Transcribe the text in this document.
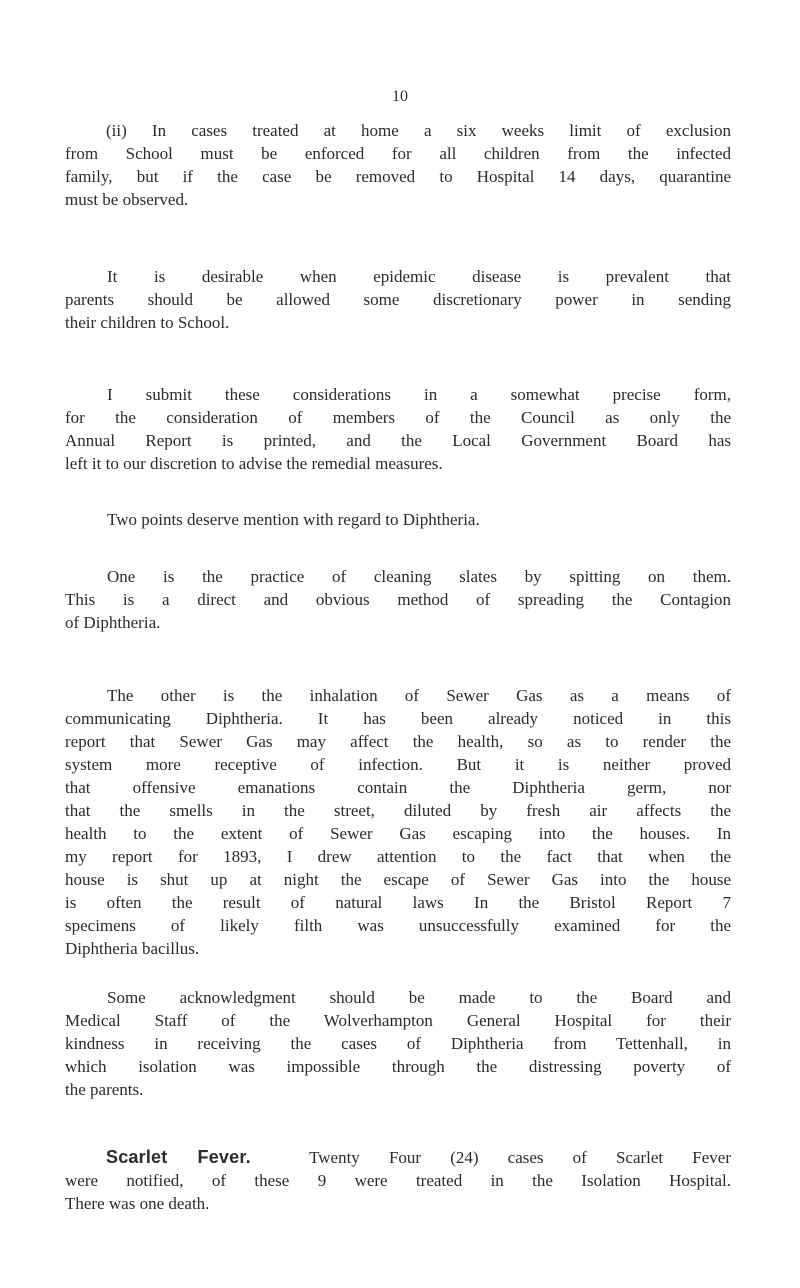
10
(ii) In cases treated at home a six weeks limit of exclusion
from School must be enforced for all children from the infected
family, but if the case be removed to Hospital 14 days, quarantine
must be observed.
It is desirable when epidemic disease is prevalent that
parents should be allowed some discretionary power in sending
their children to School.
I submit these considerations in a somewhat precise form,
for the consideration of members of the Council as only the
Annual Report is printed, and the Local Government Board has
left it to our discretion to advise the remedial measures.
Two points deserve mention with regard to Diphtheria.
One is the practice of cleaning slates by spitting on them.
This is a direct and obvious method of spreading the Contagion
of Diphtheria.
The other is the inhalation of Sewer Gas as a means of
communicating Diphtheria. It has been already noticed in this
report that Sewer Gas may affect the health, so as to render the
system more receptive of infection. But it is neither proved
that offensive emanations contain the Diphtheria germ, nor
that the smells in the street, diluted by fresh air affects the
health to the extent of Sewer Gas escaping into the houses. In
my report for 1893, I drew attention to the fact that when the
house is shut up at night the escape of Sewer Gas into the house
is often the result of natural laws In the Bristol Report 7
specimens of likely filth was unsuccessfully examined for the
Diphtheria bacillus.
Some acknowledgment should be made to the Board and
Medical Staff of the Wolverhampton General Hospital for their
kindness in receiving the cases of Diphtheria from Tettenhall, in
which isolation was impossible through the distressing poverty of
the parents.
Scarlet Fever.	Twenty Four (24) cases of Scarlet Fever
were notified, of these 9 were treated in the Isolation Hospital.
There was one death.
